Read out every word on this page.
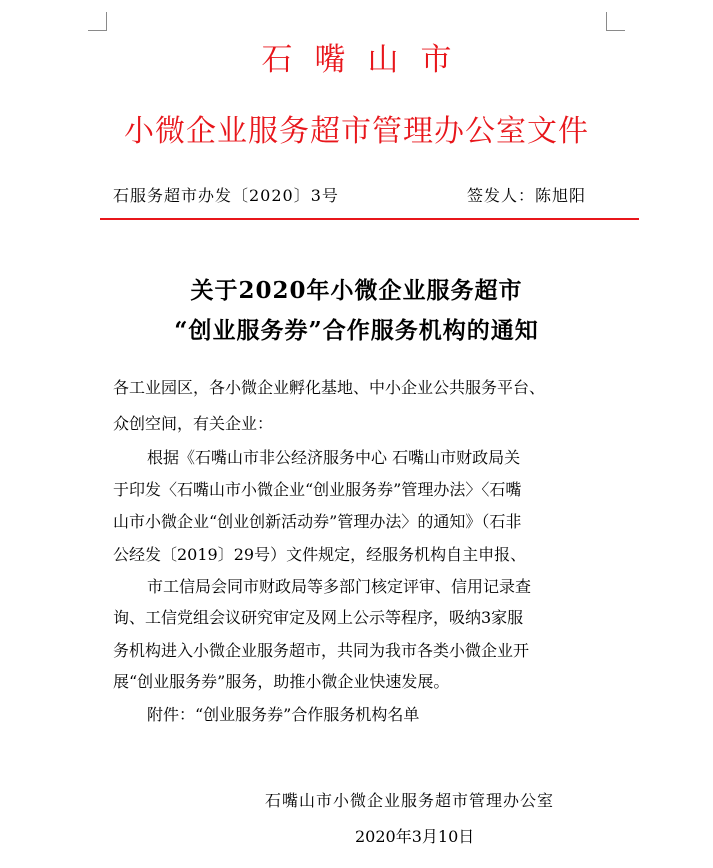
石嘴山市
小微企业服务超市管理办公室文件
石服务超市办发〔2020〕3号	签发人：陈旭阳
关于2020年小微企业服务超市
“创业服务券”合作服务机构的通知
各工业园区，各小微企业孵化基地、中小企业公共服务平台、
众创空间，有关企业：
根据《石嘴山市非公经济服务中心 石嘴山市财政局关
于印发〈石嘴山市小微企业“创业服务券”管理办法〉〈石嘴
山市小微企业“创业创新活动券”管理办法〉的通知》（石非
公经发〔2019〕29号）文件规定，经服务机构自主申报、
市工信局会同市财政局等多部门核定评审、信用记录查
询、工信党组会议研究审定及网上公示等程序，吸纳3家服
务机构进入小微企业服务超市，共同为我市各类小微企业开
展“创业服务券”服务，助推小微企业快速发展。
附件：“创业服务券”合作服务机构名单
石嘴山市小微企业服务超市管理办公室
2020年3月10日
